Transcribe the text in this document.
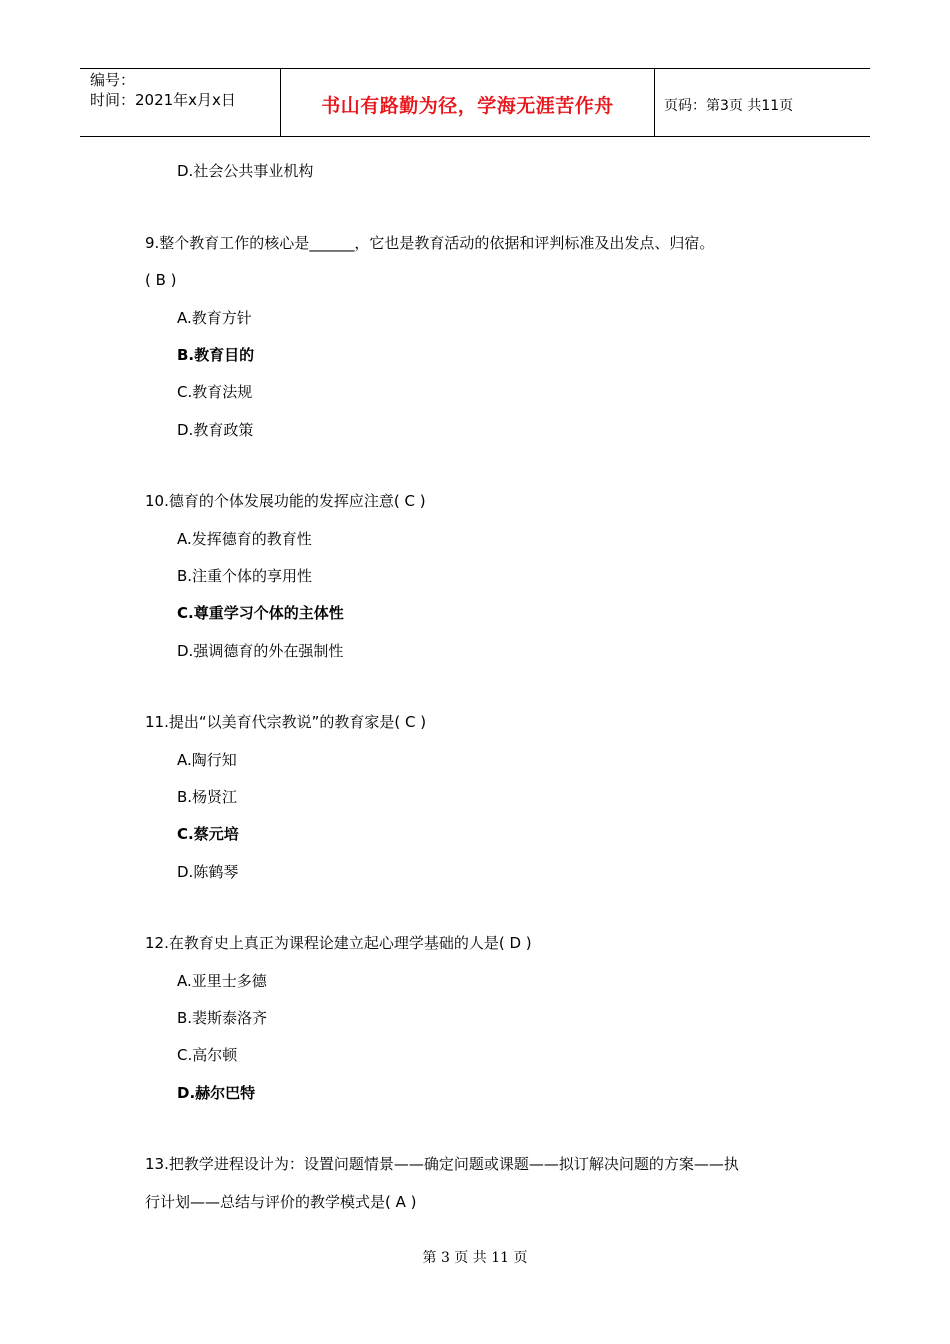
编号：
时间：2021年x月x日	书山有路勤为径，学海无涯苦作舟	页码：第3页 共11页
D.社会公共事业机构
9.整个教育工作的核心是______，它也是教育活动的依据和评判标准及出发点、归宿。
( B )
A.教育方针
B.教育目的
C.教育法规
D.教育政策
10.德育的个体发展功能的发挥应注意( C )
A.发挥德育的教育性
B.注重个体的享用性
C.尊重学习个体的主体性
D.强调德育的外在强制性
11.提出“以美育代宗教说”的教育家是( C )
A.陶行知
B.杨贤江
C.蔡元培
D.陈鹤琴
12.在教育史上真正为课程论建立起心理学基础的人是( D )
A.亚里士多德
B.裴斯泰洛齐
C.高尔顿
D.赫尔巴特
13.把教学进程设计为：设置问题情景——确定问题或课题——拟订解决问题的方案——执
行计划——总结与评价的教学模式是( A )
第 3 页 共 11 页
